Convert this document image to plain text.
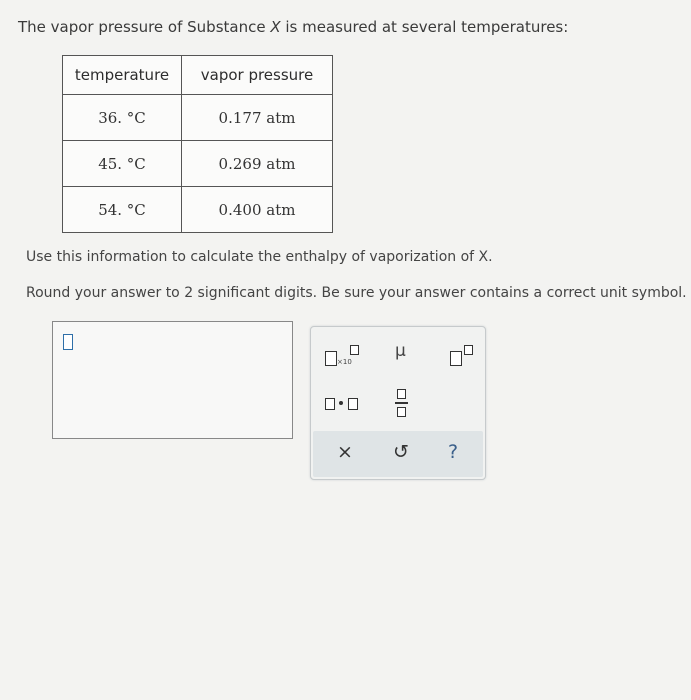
The vapor pressure of Substance X is measured at several temperatures:
temperature	vapor pressure
36. °C	0.177 atm
45. °C	0.269 atm
54. °C	0.400 atm
Use this information to calculate the enthalpy of vaporization of X.
Round your answer to 2 significant digits. Be sure your answer contains a correct unit symbol.
×10
μ
× ↺ ?
